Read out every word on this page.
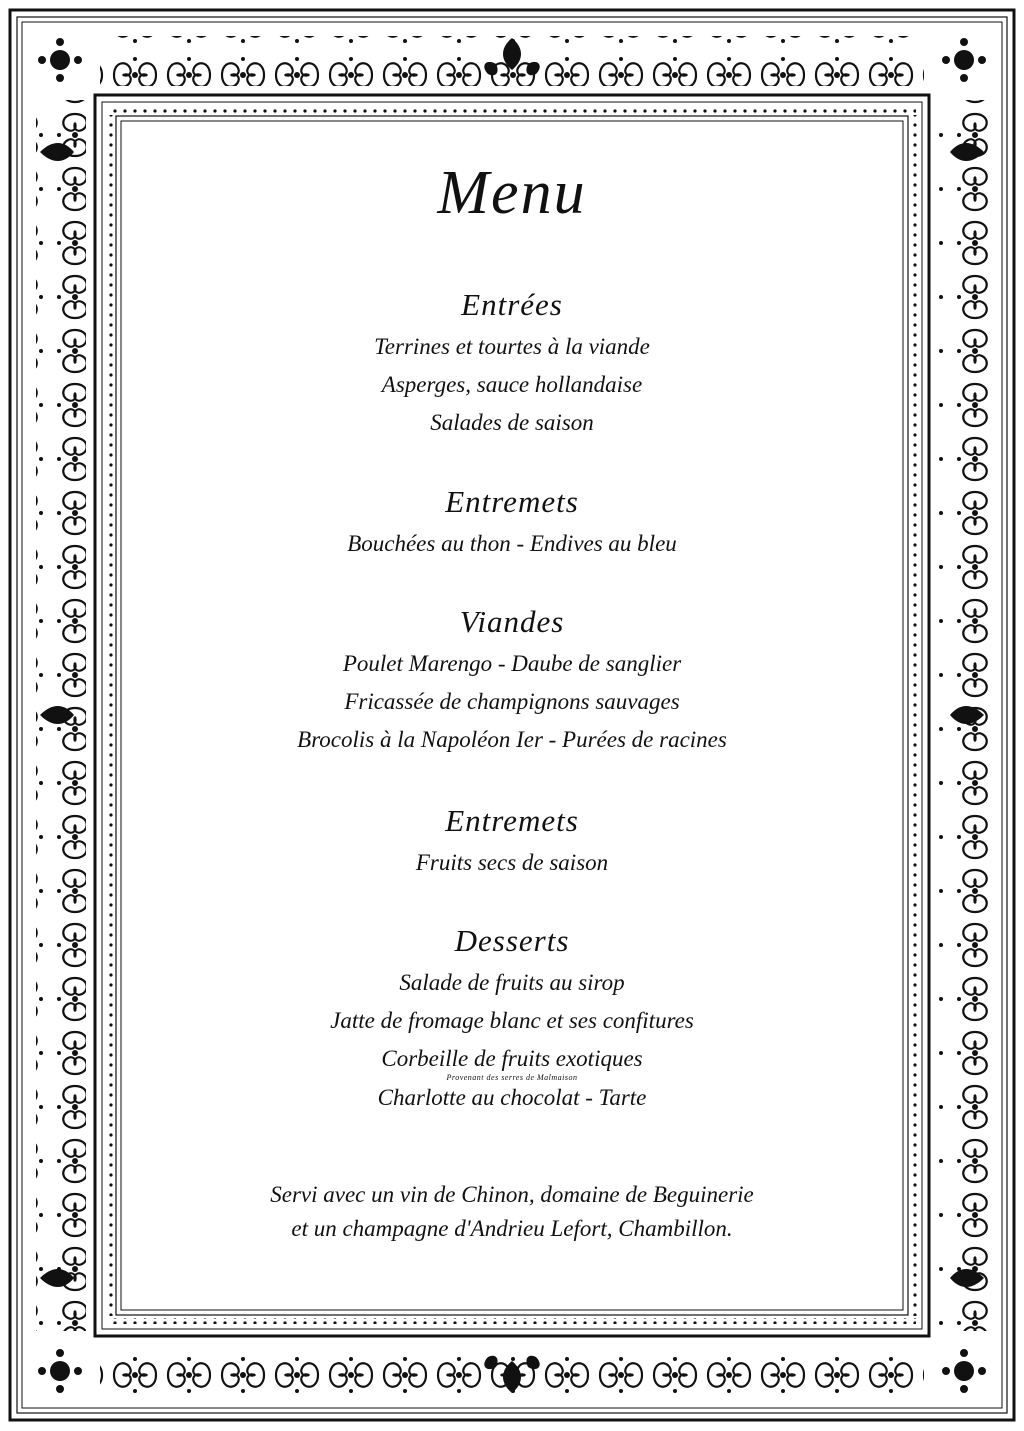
Menu
Entrées
Terrines et tourtes à la viande
Asperges, sauce hollandaise
Salades de saison
Entremets
Bouchées au thon - Endives au bleu
Viandes
Poulet Marengo - Daube de sanglier
Fricassée de champignons sauvages
Brocolis à la Napoléon Ier - Purées de racines
Entremets
Fruits secs de saison
Desserts
Salade de fruits au sirop
Jatte de fromage blanc et ses confitures
Corbeille de fruits exotiques
Provenant des serres de Malmaison
Charlotte au chocolat - Tarte
Servi avec un vin de Chinon, domaine de Beguinerie
et un champagne d'Andrieu Lefort, Chambillon.
